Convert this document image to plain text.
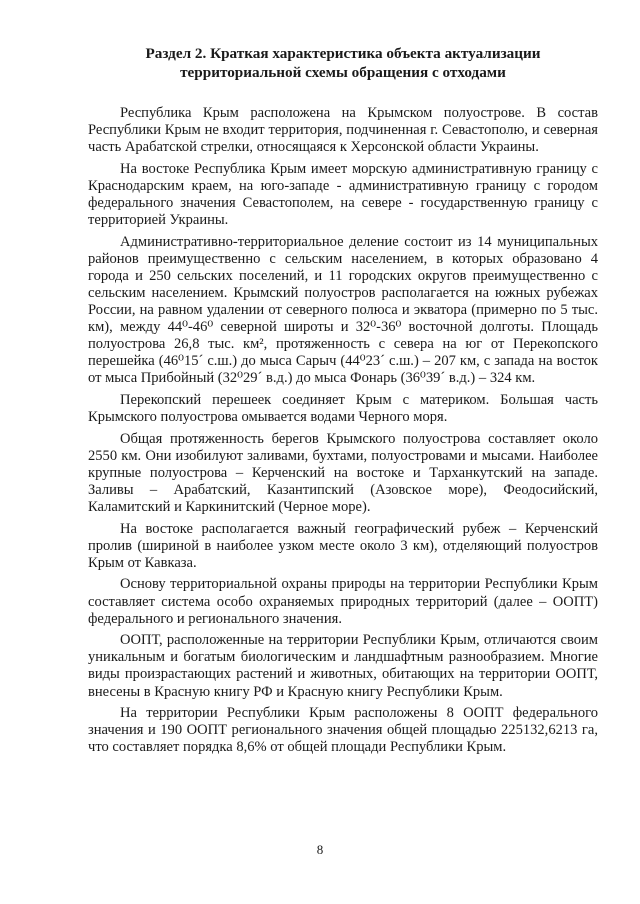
Раздел 2. Краткая характеристика объекта актуализации
территориальной схемы обращения с отходами

Республика Крым расположена на Крымском полуострове. В состав Республики Крым не входит территория, подчиненная г. Севастополю, и северная часть Арабатской стрелки, относящаяся к Херсонской области Украины.

На востоке Республика Крым имеет морскую административную границу с Краснодарским краем, на юго-западе - административную границу с городом федерального значения Севастополем, на севере - государственную границу с территорией Украины.

Административно-территориальное деление состоит из 14 муниципальных районов преимущественно с сельским населением, в которых образовано 4 города и 250 сельских поселений, и 11 городских округов преимущественно с сельским населением. Крымский полуостров располагается на южных рубежах России, на равном удалении от северного полюса и экватора (примерно по 5 тыс. км), между 44⁰-46⁰ северной широты и 32⁰-36⁰ восточной долготы. Площадь полуострова 26,8 тыс. км², протяженность с севера на юг от Перекопского перешейка (46⁰15´ с.ш.) до мыса Сарыч (44⁰23´ с.ш.) – 207 км, с запада на восток от мыса Прибойный (32⁰29´ в.д.) до мыса Фонарь (36⁰39´ в.д.) – 324 км.

Перекопский перешеек соединяет Крым с материком. Большая часть Крымского полуострова омывается водами Черного моря.

Общая протяженность берегов Крымского полуострова составляет около 2550 км. Они изобилуют заливами, бухтами, полуостровами и мысами. Наиболее крупные полуострова – Керченский на востоке и Тарханкутский на западе. Заливы – Арабатский, Казантипский (Азовское море), Феодосийский, Каламитский и Каркинитский (Черное море).

На востоке располагается важный географический рубеж – Керченский пролив (шириной в наиболее узком месте около 3 км), отделяющий полуостров Крым от Кавказа.

Основу территориальной охраны природы на территории Республики Крым составляет система особо охраняемых природных территорий (далее – ООПТ) федерального и регионального значения.

ООПТ, расположенные на территории Республики Крым, отличаются своим уникальным и богатым биологическим и ландшафтным разнообразием. Многие виды произрастающих растений и животных, обитающих на территории ООПТ, внесены в Красную книгу РФ и Красную книгу Республики Крым.

На территории Республики Крым расположены 8 ООПТ федерального значения и 190 ООПТ регионального значения общей площадью 225132,6213 га, что составляет порядка 8,6% от общей площади Республики Крым.

8
